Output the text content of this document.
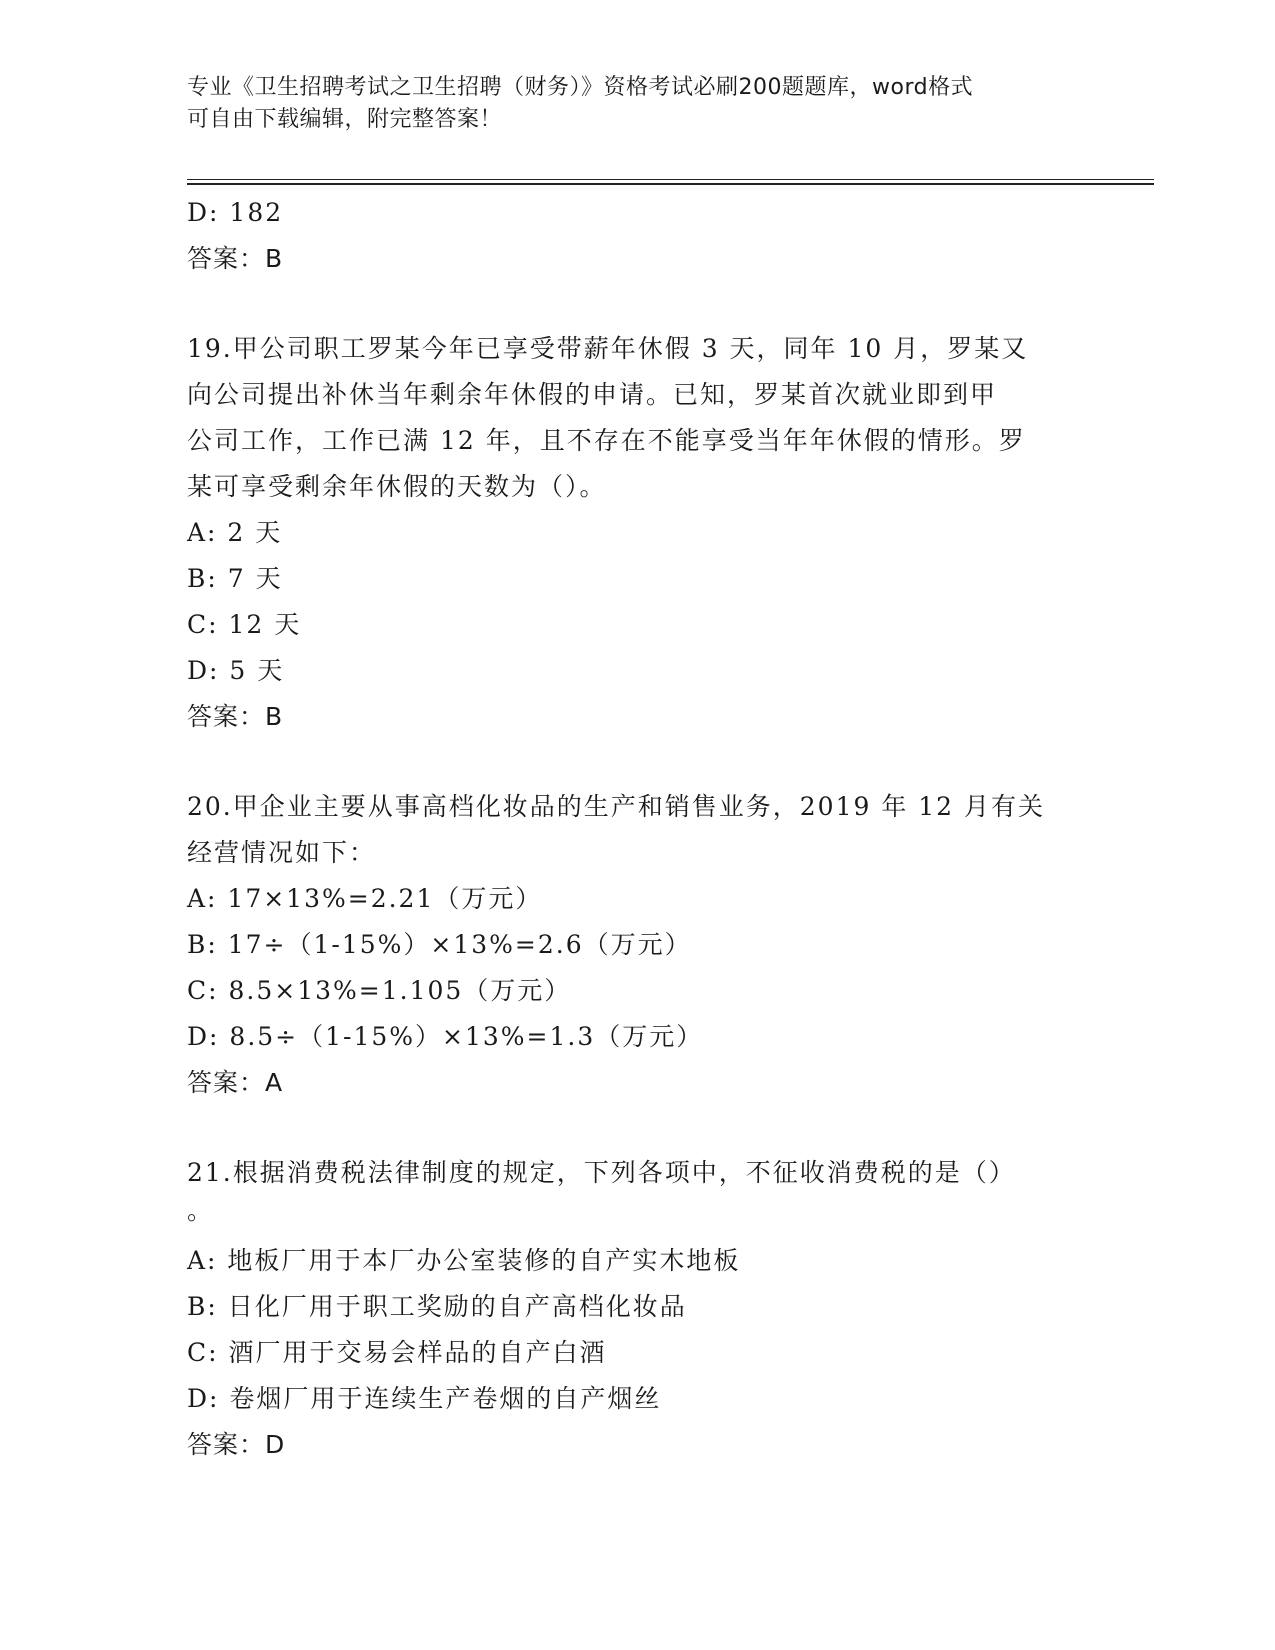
专业《卫生招聘考试之卫生招聘（财务）》资格考试必刷200题题库，word格式
可自由下载编辑，附完整答案！
D: 182
答案：B
19.甲公司职工罗某今年已享受带薪年休假 3 天，同年 10 月，罗某又
向公司提出补休当年剩余年休假的申请。已知，罗某首次就业即到甲
公司工作，工作已满 12 年，且不存在不能享受当年年休假的情形。罗
某可享受剩余年休假的天数为（）。
A: 2 天
B: 7 天
C: 12 天
D: 5 天
答案：B
20.甲企业主要从事高档化妆品的生产和销售业务，2019 年 12 月有关
经营情况如下：
A: 17×13%=2.21（万元）
B: 17÷（1-15%）×13%=2.6（万元）
C: 8.5×13%=1.105（万元）
D: 8.5÷（1-15%）×13%=1.3（万元）
答案：A
21.根据消费税法律制度的规定，下列各项中，不征收消费税的是（）
。
A: 地板厂用于本厂办公室装修的自产实木地板
B: 日化厂用于职工奖励的自产高档化妆品
C: 酒厂用于交易会样品的自产白酒
D: 卷烟厂用于连续生产卷烟的自产烟丝
答案：D
